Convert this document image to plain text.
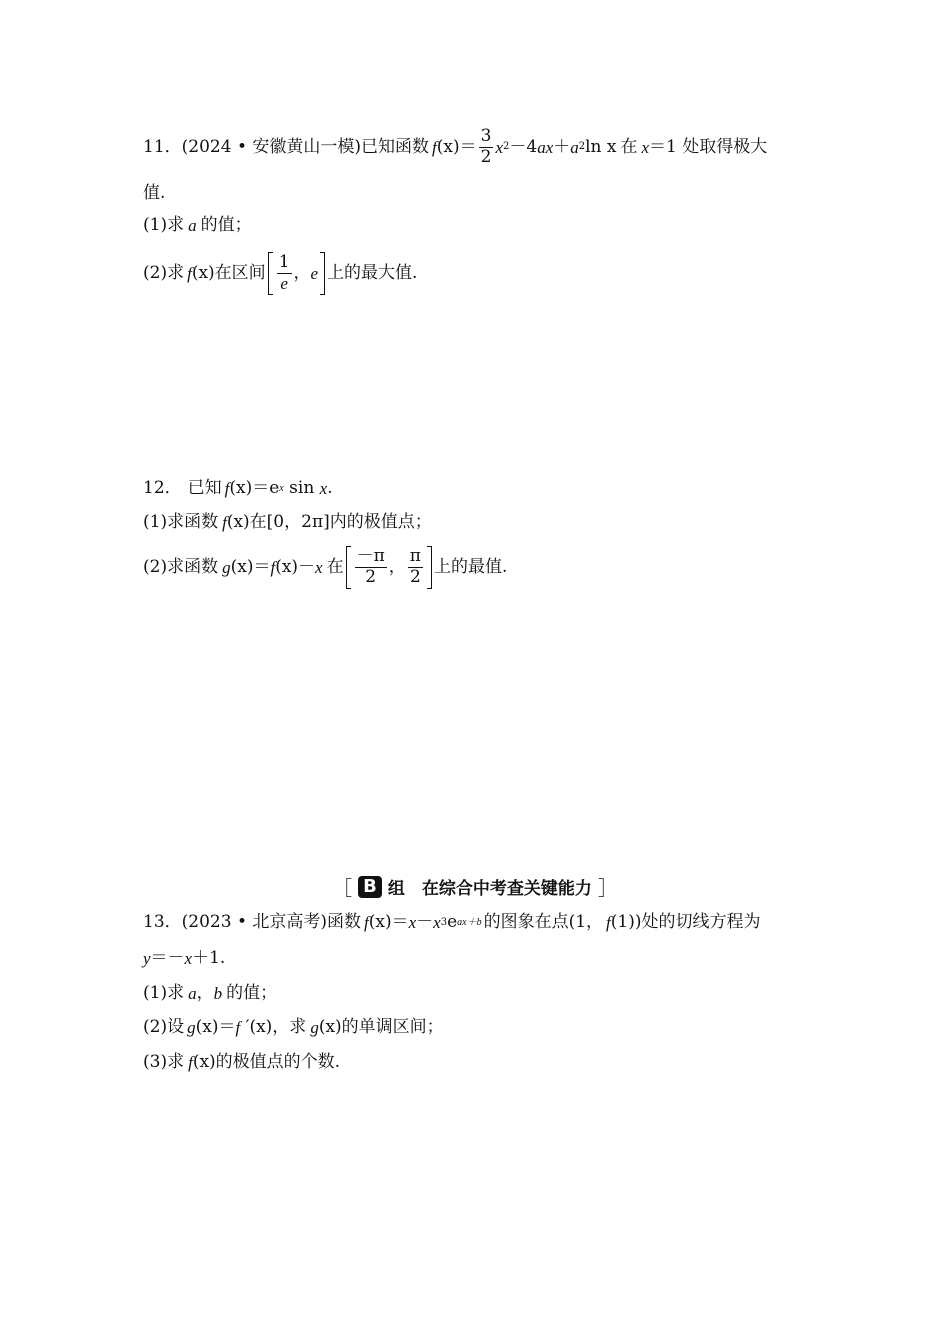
11． (2024 • 安徽黄山一模) 已知函数 f $(x)= \frac{3}{2}$ x 2 －4 ax ＋ a 2 ln x 在 x ＝1 处取得极大
值.
(1)求 a 的值；
(2)求 f (x)在区间 $\frac{1}{e}$ ， e 上的最大值.
12． 已知 f (x)＝e x sin x .
(1)求函数 f (x)在[0，2π]内的极值点；
(2)求函数 g (x)＝ f (x)－ x 在 $\frac{-\pi}{2}$ ， $\frac{\pi}{2}$ 上的最值.
［ B 组　在综合中考查关键能力 ］
13． (2023 • 北京高考) 函数 f (x)＝ x － x 3 e ax＋b 的图象在点(1， f (1))处的切线方程为
y ＝－ x ＋1.
(1)求 a ， b 的值；
(2)设 g (x)＝ f ′(x)，求 g (x)的单调区间；
(3)求 f (x)的极值点的个数.
